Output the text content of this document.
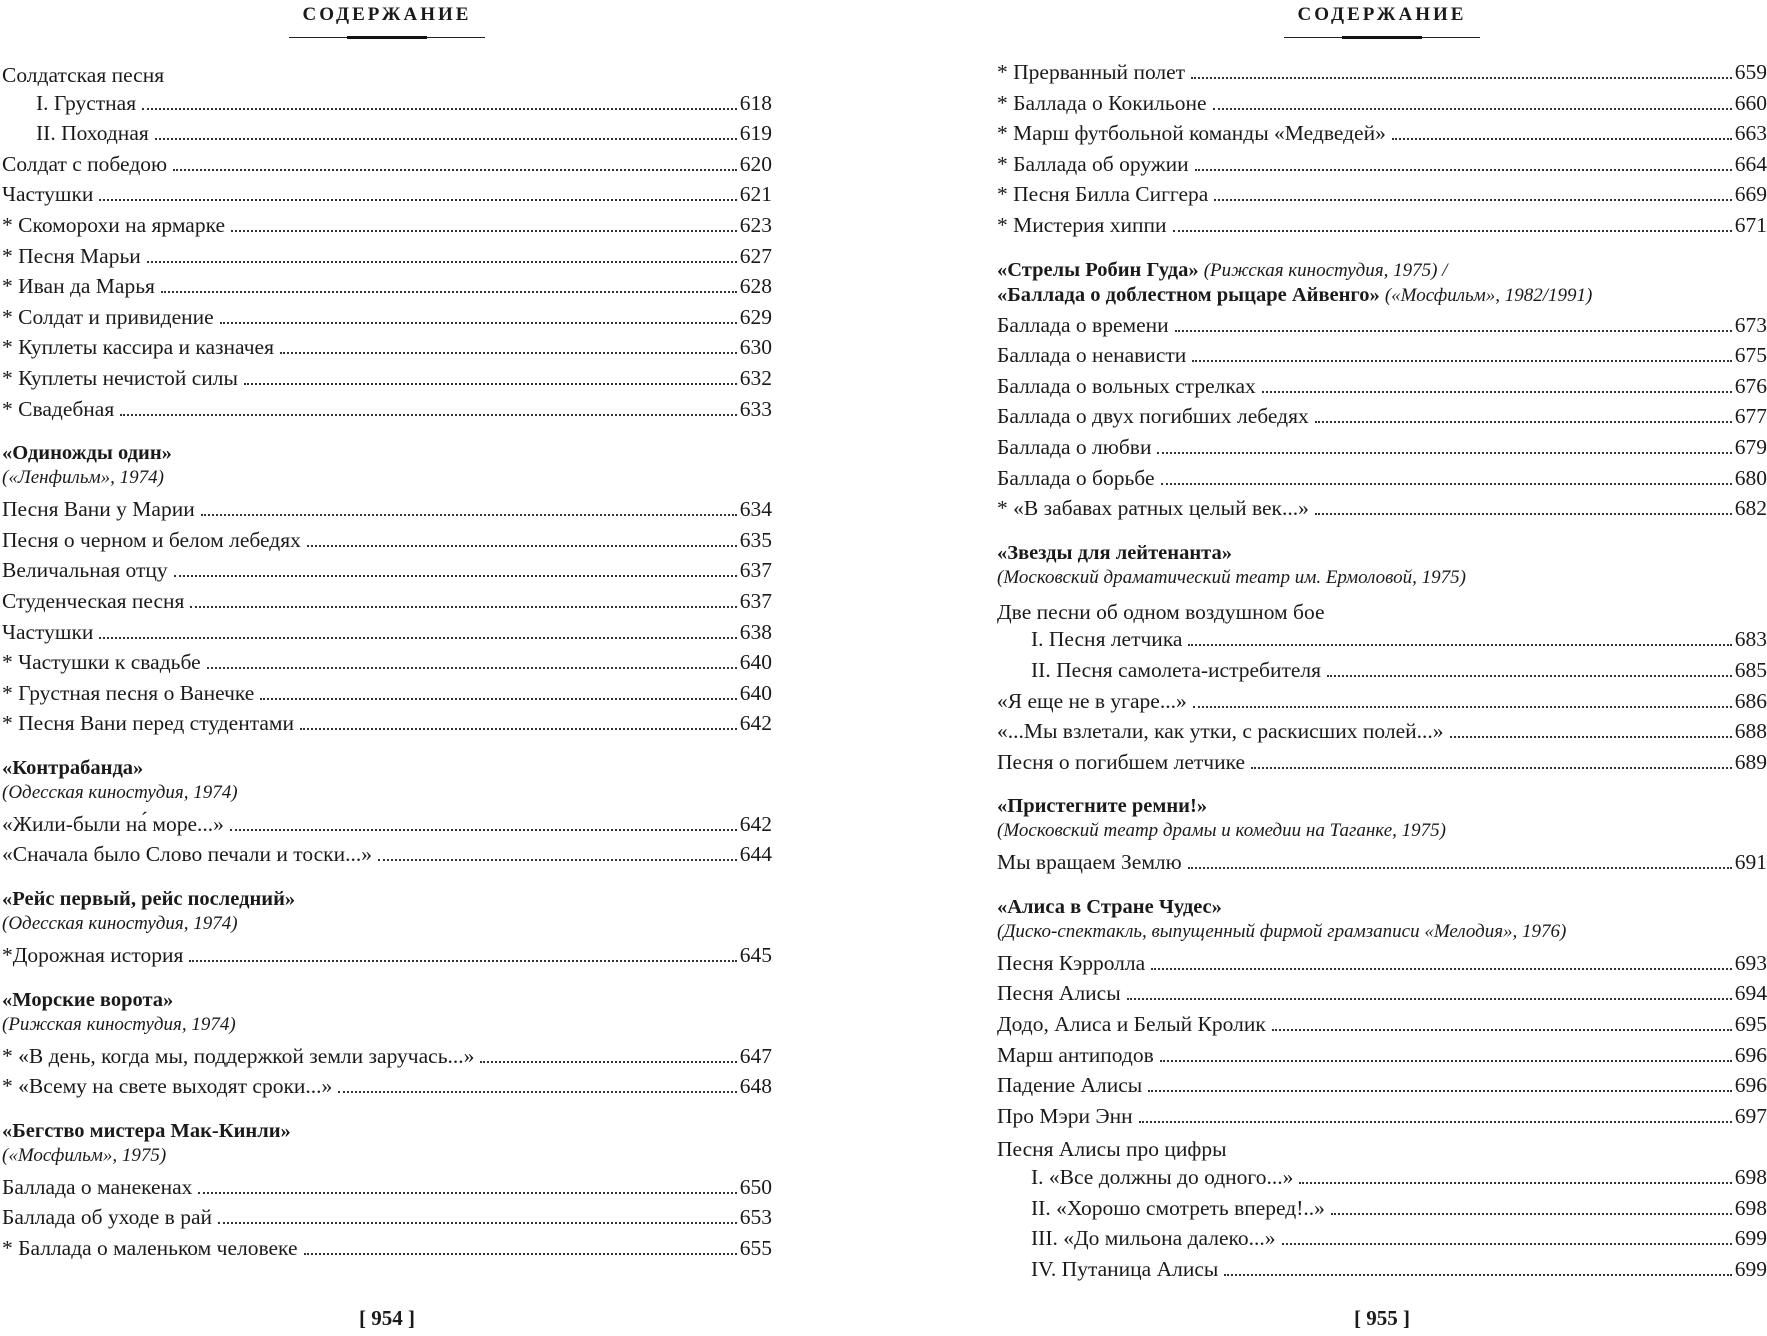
СОДЕРЖАНИЕ
Солдатская песня
I. Грустная	618
II. Походная	619
Солдат с победою	620
Частушки	621
* Скоморохи на ярмарке	623
* Песня Марьи	627
* Иван да Марья	628
* Солдат и привидение	629
* Куплеты кассира и казначея	630
* Куплеты нечистой силы	632
* Свадебная	633
«Одиножды один»
(«Ленфильм», 1974)
Песня Вани у Марии	634
Песня о черном и белом лебедях	635
Величальная отцу	637
Студенческая песня	637
Частушки	638
* Частушки к свадьбе	640
* Грустная песня о Ванечке	640
* Песня Вани перед студентами	642
«Контрабанда»
(Одесская киностудия, 1974)
«Жили-были на́ море...»	642
«Сначала было Слово печали и тоски...»	644
«Рейс первый, рейс последний»
(Одесская киностудия, 1974)
*Дорожная история	645
«Морские ворота»
(Рижская киностудия, 1974)
* «В день, когда мы, поддержкой земли заручась...»	647
* «Всему на свете выходят сроки...»	648
«Бегство мистера Мак-Кинли»
(«Мосфильм», 1975)
Баллада о манекенах	650
Баллада об уходе в рай	653
* Баллада о маленьком человеке	655
[ 954 ]
СОДЕРЖАНИЕ
* Прерванный полет	659
* Баллада о Кокильоне	660
* Марш футбольной команды «Медведей»	663
* Баллада об оружии	664
* Песня Билла Сиггера	669
* Мистерия хиппи	671
«Стрелы Робин Гуда» (Рижская киностудия, 1975) /
«Баллада о доблестном рыцаре Айвенго» («Мосфильм», 1982/1991)
Баллада о времени	673
Баллада о ненависти	675
Баллада о вольных стрелках	676
Баллада о двух погибших лебедях	677
Баллада о любви	679
Баллада о борьбе	680
* «В забавах ратных целый век...»	682
«Звезды для лейтенанта»
(Московский драматический театр им. Ермоловой, 1975)
Две песни об одном воздушном бое
I. Песня летчика	683
II. Песня самолета-истребителя	685
«Я еще не в угаре...»	686
«...Мы взлетали, как утки, с раскисших полей...»	688
Песня о погибшем летчике	689
«Пристегните ремни!»
(Московский театр драмы и комедии на Таганке, 1975)
Мы вращаем Землю	691
«Алиса в Стране Чудес»
(Диско-спектакль, выпущенный фирмой грамзаписи «Мелодия», 1976)
Песня Кэрролла	693
Песня Алисы	694
Додо, Алиса и Белый Кролик	695
Марш антиподов	696
Падение Алисы	696
Про Мэри Энн	697
Песня Алисы про цифры
I. «Все должны до одного...»	698
II. «Хорошо смотреть вперед!..»	698
III. «До мильона далеко...»	699
IV. Путаница Алисы	699
[ 955 ]
